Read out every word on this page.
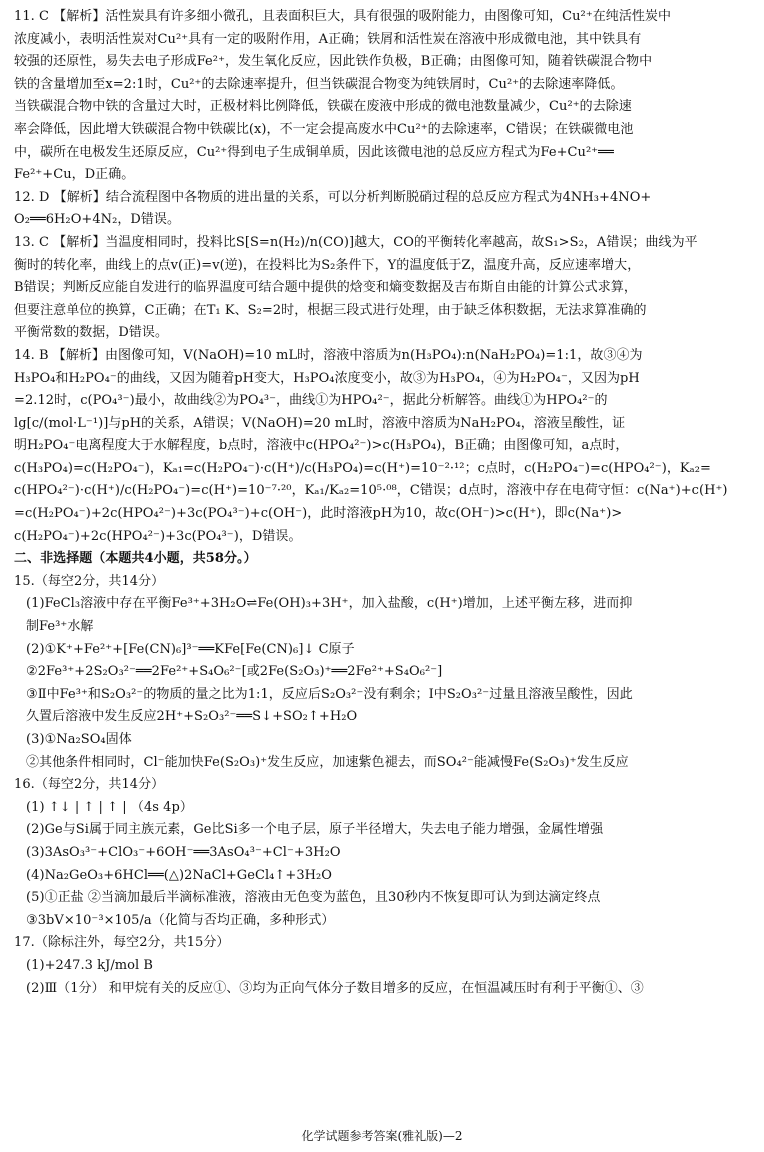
11. C 【解析】活性炭具有许多细小微孔，且表面积巨大，具有很强的吸附能力，由图像可知，Cu²⁺在纯活性炭中
浓度减小，表明活性炭对Cu²⁺具有一定的吸附作用，A正确；铁屑和活性炭在溶液中形成微电池，其中铁具有
较强的还原性，易失去电子形成Fe²⁺，发生氧化反应，因此铁作负极，B正确；由图像可知，随着铁碳混合物中
铁的含量增加至x=2:1时，Cu²⁺的去除速率提升，但当铁碳混合物变为纯铁屑时，Cu²⁺的去除速率降低。
当铁碳混合物中铁的含量过大时，正极材料比例降低，铁碳在废液中形成的微电池数量减少，Cu²⁺的去除速
率会降低，因此增大铁碳混合物中铁碳比(x)，不一定会提高废水中Cu²⁺的去除速率，C错误；在铁碳微电池
中，碳所在电极发生还原反应，Cu²⁺得到电子生成铜单质，因此该微电池的总反应方程式为Fe+Cu²⁺══
Fe²⁺+Cu，D正确。
12. D 【解析】结合流程图中各物质的进出量的关系，可以分析判断脱硝过程的总反应方程式为4NH₃+4NO+
O₂══6H₂O+4N₂，D错误。
13. C 【解析】当温度相同时，投料比S[S=n(H₂)/n(CO)]越大，CO的平衡转化率越高，故S₁>S₂，A错误；曲线为平
衡时的转化率，曲线上的点v(正)=v(逆)，在投料比为S₂条件下，Y的温度低于Z，温度升高，反应速率增大，
B错误；判断反应能自发进行的临界温度可结合题中提供的焓变和熵变数据及吉布斯自由能的计算公式求算，
但要注意单位的换算，C正确；在T₁ K、S₂=2时，根据三段式进行处理，由于缺乏体积数据，无法求算准确的
平衡常数的数据，D错误。
14. B 【解析】由图像可知，V(NaOH)=10 mL时，溶液中溶质为n(H₃PO₄):n(NaH₂PO₄)=1:1，故③④为
H₃PO₄和H₂PO₄⁻的曲线，又因为随着pH变大，H₃PO₄浓度变小，故③为H₃PO₄，④为H₂PO₄⁻，又因为pH
=2.12时，c(PO₄³⁻)最小，故曲线②为PO₄³⁻，曲线①为HPO₄²⁻，据此分析解答。曲线①为HPO₄²⁻的
lg[c/(mol·L⁻¹)]与pH的关系，A错误；V(NaOH)=20 mL时，溶液中溶质为NaH₂PO₄，溶液呈酸性，证
明H₂PO₄⁻电离程度大于水解程度，b点时，溶液中c(HPO₄²⁻)>c(H₃PO₄)，B正确；由图像可知，a点时，
c(H₃PO₄)=c(H₂PO₄⁻)，Kₐ₁=c(H₂PO₄⁻)·c(H⁺)/c(H₃PO₄)=c(H⁺)=10⁻²·¹²；c点时，c(H₂PO₄⁻)=c(HPO₄²⁻)，Kₐ₂=
c(HPO₄²⁻)·c(H⁺)/c(H₂PO₄⁻)=c(H⁺)=10⁻⁷·²⁰，Kₐ₁/Kₐ₂=10⁵·⁰⁸，C错误；d点时，溶液中存在电荷守恒：c(Na⁺)+c(H⁺)
=c(H₂PO₄⁻)+2c(HPO₄²⁻)+3c(PO₄³⁻)+c(OH⁻)，此时溶液pH为10，故c(OH⁻)>c(H⁺)，即c(Na⁺)>
c(H₂PO₄⁻)+2c(HPO₄²⁻)+3c(PO₄³⁻)，D错误。
二、非选择题（本题共4小题，共58分。）
15.（每空2分，共14分）
(1)FeCl₃溶液中存在平衡Fe³⁺+3H₂O⇌Fe(OH)₃+3H⁺，加入盐酸，c(H⁺)增加，上述平衡左移，进而抑
制Fe³⁺水解
(2)①K⁺+Fe²⁺+[Fe(CN)₆]³⁻══KFe[Fe(CN)₆]↓ C原子
②2Fe³⁺+2S₂O₃²⁻══2Fe²⁺+S₄O₆²⁻[或2Fe(S₂O₃)⁺══2Fe²⁺+S₄O₆²⁻]
③Ⅱ中Fe³⁺和S₂O₃²⁻的物质的量之比为1:1，反应后S₂O₃²⁻没有剩余；Ⅰ中S₂O₃²⁻过量且溶液呈酸性，因此
久置后溶液中发生反应2H⁺+S₂O₃²⁻══S↓+SO₂↑+H₂O
(3)①Na₂SO₄固体
②其他条件相同时，Cl⁻能加快Fe(S₂O₃)⁺发生反应，加速紫色褪去，而SO₄²⁻能减慢Fe(S₂O₃)⁺发生反应
16.（每空2分，共14分）
(1) ↑↓ | ↑ | ↑ | （4s 4p）
(2)Ge与Si属于同主族元素，Ge比Si多一个电子层，原子半径增大，失去电子能力增强，金属性增强
(3)3AsO₃³⁻+ClO₃⁻+6OH⁻══3AsO₄³⁻+Cl⁻+3H₂O
(4)Na₂GeO₃+6HCl══(△)2NaCl+GeCl₄↑+3H₂O
(5)①正盐 ②当滴加最后半滴标准液，溶液由无色变为蓝色，且30秒内不恢复即可认为到达滴定终点
③3bV×10⁻³×105/a（化简与否均正确，多种形式）
17.（除标注外，每空2分，共15分）
(1)+247.3 kJ/mol B
(2)Ⅲ（1分） 和甲烷有关的反应①、③均为正向气体分子数目增多的反应，在恒温减压时有利于平衡①、③
化学试题参考答案(雅礼版)—2
